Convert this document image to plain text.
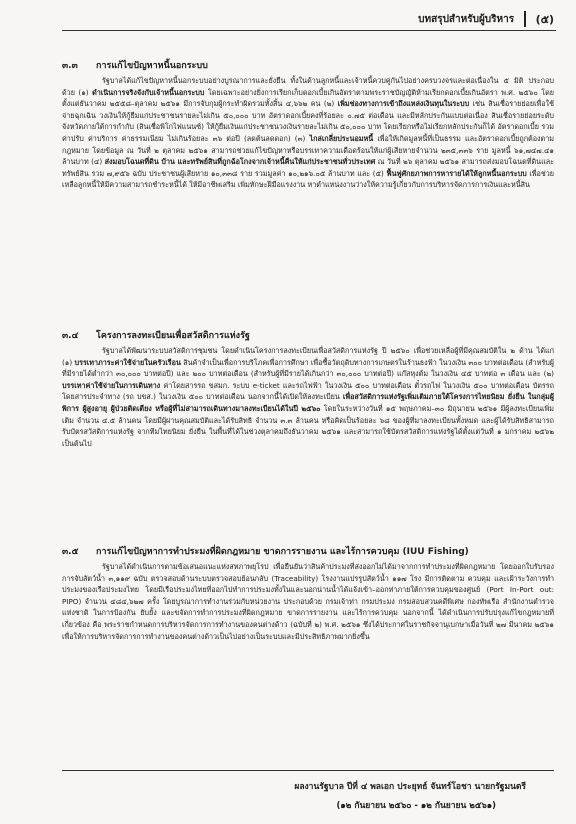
บทสรุปสำหรับผู้บริหาร (๕)
๓.๓	การแก้ไขปัญหาหนี้นอกระบบ
รัฐบาลได้แก้ไขปัญหาหนี้นอกระบบอย่างบูรณาการและยั่งยืน ทั้งในด้านลูกหนี้และเจ้าหนี้ควบคู่กันไปอย่างครบวงจรและต่อเนื่องใน ๕ มิติ ประกอบด้วย (๑) ดำเนินการจริงจังกับเจ้าหนี้นอกระบบ โดยเฉพาะอย่างยิ่งการเรียกเก็บดอกเบี้ยเกินอัตราตามพระราชบัญญัติห้ามเรียกดอกเบี้ยเกินอัตรา พ.ศ. ๒๕๖๐ โดยตั้งแต่ธันวาคม ๒๕๕๘–ตุลาคม ๒๕๖๑ มีการจับกุมผู้กระทำผิดรวมทั้งสิ้น ๔,๖๖๒ คน (๒) เพิ่มช่องทางการเข้าถึงแหล่งเงินทุนในระบบ เช่น สินเชื่อรายย่อยเพื่อใช้จ่ายฉุกเฉิน วงเงินให้กู้ยืมแก่ประชาชนรายละไม่เกิน ๕๐,๐๐๐ บาท อัตราดอกเบี้ยคงที่ร้อยละ ๐.๗๕ ต่อเดือน และมีหลักประกันแบบต่อเนื่อง สินเชื่อรายย่อยระดับจังหวัดภายใต้การกำกับ (สินเชื่อพิโกไฟแนนซ์) ให้กู้ยืมเงินแก่ประชาชนวงเงินรายละไม่เกิน ๕๐,๐๐๐ บาท โดยเรียกหรือไม่เรียกหลักประกันก็ได้ อัตราดอกเบี้ย รวมค่าปรับ ค่าบริการ ค่าธรรมเนียม ไม่เกินร้อยละ ๓๖ ต่อปี (ลดต้นลดดอก) (๓) ไกล่เกลี่ยประนอมหนี้ เพื่อให้เกิดมูลหนี้ที่เป็นธรรม และอัตราดอกเบี้ยถูกต้องตามกฎหมาย โดยข้อมูล ณ วันที่ ๒ ตุลาคม ๒๕๖๑ สามารถช่วยแก้ไขปัญหาหรือบรรเทาความเดือดร้อนให้แก่ผู้เสียหายจำนวน ๒๓๕,๓๓๖ ราย มูลหนี้ ๖๑,๗๔๗.๔๑ ล้านบาท (๔) ส่งมอบโฉนดที่ดิน บ้าน และทรัพย์สินที่ถูกฉ้อโกงจากเจ้าหนี้คืนให้แก่ประชาชนทั่วประเทศ ณ วันที่ ๒๖ ตุลาคม ๒๕๖๑ สามารถส่งมอบโฉนดที่ดินและทรัพย์สิน รวม ๗,๙๕๖ ฉบับ ประชาชนผู้เสียหาย ๑๐,๓๓๘ ราย รวมมูลค่า ๑๐,๒๑๖.๐๕ ล้านบาท และ (๕) ฟื้นฟูศักยภาพการหารายได้ให้ลูกหนี้นอกระบบ เพื่อช่วยเหลือลูกหนี้ให้มีความสามารถชำระหนี้ได้ ให้มีอาชีพเสริม เพิ่มทักษะฝีมือแรงงาน หาตำแหน่งงานว่างให้ความรู้เกี่ยวกับการบริหารจัดการการเงินและหนี้สิน
๓.๔	โครงการลงทะเบียนเพื่อสวัสดิการแห่งรัฐ
รัฐบาลได้พัฒนาระบบสวัสดิการชุมชน โดยดำเนินโครงการลงทะเบียนเพื่อสวัสดิการแห่งรัฐ ปี ๒๕๖๐ เพื่อช่วยเหลือผู้ที่มีคุณสมบัติใน ๒ ด้าน ได้แก่ (๑) บรรเทาภาระค่าใช้จ่ายในครัวเรือน สินค้าจำเป็นเพื่อการบริโภคเพื่อการศึกษา เพื่อซื้อวัตถุดิบทางการเกษตรในร้านธงฟ้า ในวงเงิน ๓๐๐ บาทต่อเดือน (สำหรับผู้ที่มีรายได้ต่ำกว่า ๓๐,๐๐๐ บาทต่อปี) และ ๒๐๐ บาทต่อเดือน (สำหรับผู้ที่มีรายได้เกินกว่า ๓๐,๐๐๐ บาทต่อปี) แก๊สหุงต้ม ในวงเงิน ๔๕ บาทต่อ ๓ เดือน และ (๒) บรรเทาค่าใช้จ่ายในการเดินทาง ค่าโดยสารรถ ขสมก. ระบบ e-ticket และรถไฟฟ้า ในวงเงิน ๕๐๐ บาทต่อเดือน ตั๋วรถไฟ ในวงเงิน ๕๐๐ บาทต่อเดือน บัตรรถโดยสารประจำทาง (รถ บขส.) ในวงเงิน ๕๐๐ บาทต่อเดือน นอกจากนี้ได้เปิดให้ลงทะเบียน เพื่อสวัสดิการแห่งรัฐเพิ่มเติมภายใต้โครงการไทยนิยม ยั่งยืน ในกลุ่มผู้พิการ ผู้สูงอายุ ผู้ป่วยติดเตียง หรือผู้ที่ไม่สามารถเดินทางมาลงทะเบียนได้ในปี ๒๕๖๐ โดยในระหว่างวันที่ ๑๕ พฤษภาคม–๓๐ มิถุนายน ๒๕๖๑ มีผู้ลงทะเบียนเพิ่มเติม จำนวน ๔.๕ ล้านคน โดยมีผู้ผ่านคุณสมบัติและได้รับสิทธิ จำนวน ๓.๓ ล้านคน หรือคิดเป็นร้อยละ ๖๘ ของผู้ที่มาลงทะเบียนทั้งหมด และผู้ได้รับสิทธิสามารถรับบัตรสวัสดิการแห่งรัฐ จากทีมไทยนิยม ยั่งยืน ในพื้นที่ได้ในช่วงตุลาคมถึงธันวาคม ๒๕๖๑ และสามารถใช้บัตรสวัสดิการแห่งรัฐได้ตั้งแต่วันที่ ๑ มกราคม ๒๕๖๒ เป็นต้นไป
๓.๕	การแก้ไขปัญหาการทำประมงที่ผิดกฎหมาย ขาดการรายงาน และไร้การควบคุม (IUU Fishing)
รัฐบาลได้ดำเนินการตามข้อเสนอแนะแห่งสหภาพยุโรป เพื่อยืนยันว่าสินค้าประมงที่ส่งออกไม่ได้มาจากการทำประมงที่ผิดกฎหมาย โดยออกใบรับรองการจับสัตว์น้ำ ๓,๑๑๙ ฉบับ ตรวจสอบด้านระบบตรวจสอบย้อนกลับ (Traceability) โรงงานแปรรูปสัตว์น้ำ ๑๑๗ โรง มีการติดตาม ควบคุม และเฝ้าระวังการทำประมงของเรือประมงไทย โดยมีเรือประมงไทยที่ออกไปทำการประมงทั้งในและนอกน่านน้ำได้แจ้งเข้า–ออกท่าภายใต้การควบคุมของศูนย์ (Port In-Port out: PIPO) จำนวน ๔๘๔,๖๒๗ ครั้ง โดยบูรณาการทำงานร่วมกับหน่วยงาน ประกอบด้วย กรมเจ้าท่า กรมประมง กรมสอบสวนคดีพิเศษ กองทัพเรือ สำนักงานตำรวจแห่งชาติ ในการป้องกัน ยับยั้ง และขจัดการทำการประมงที่ผิดกฎหมาย ขาดการรายงาน และไร้การควบคุม นอกจากนี้ ได้ดำเนินการปรับปรุงแก้ไขกฎหมายที่เกี่ยวข้อง คือ พระราชกำหนดการบริหารจัดการการทำงานของคนต่างด้าว (ฉบับที่ ๒) พ.ศ. ๒๕๖๑ ซึ่งได้ประกาศในราชกิจจานุเบกษาเมื่อวันที่ ๒๗ มีนาคม ๒๕๖๑ เพื่อให้การบริหารจัดการการทำงานของคนต่างด้าวเป็นไปอย่างเป็นระบบและมีประสิทธิภาพมากยิ่งขึ้น
ผลงานรัฐบาล ปีที่ ๔ พลเอก ประยุทธ์ จันทร์โอชา นายกรัฐมนตรี
(๑๒ กันยายน ๒๕๖๐ - ๑๒ กันยายน ๒๕๖๑)
